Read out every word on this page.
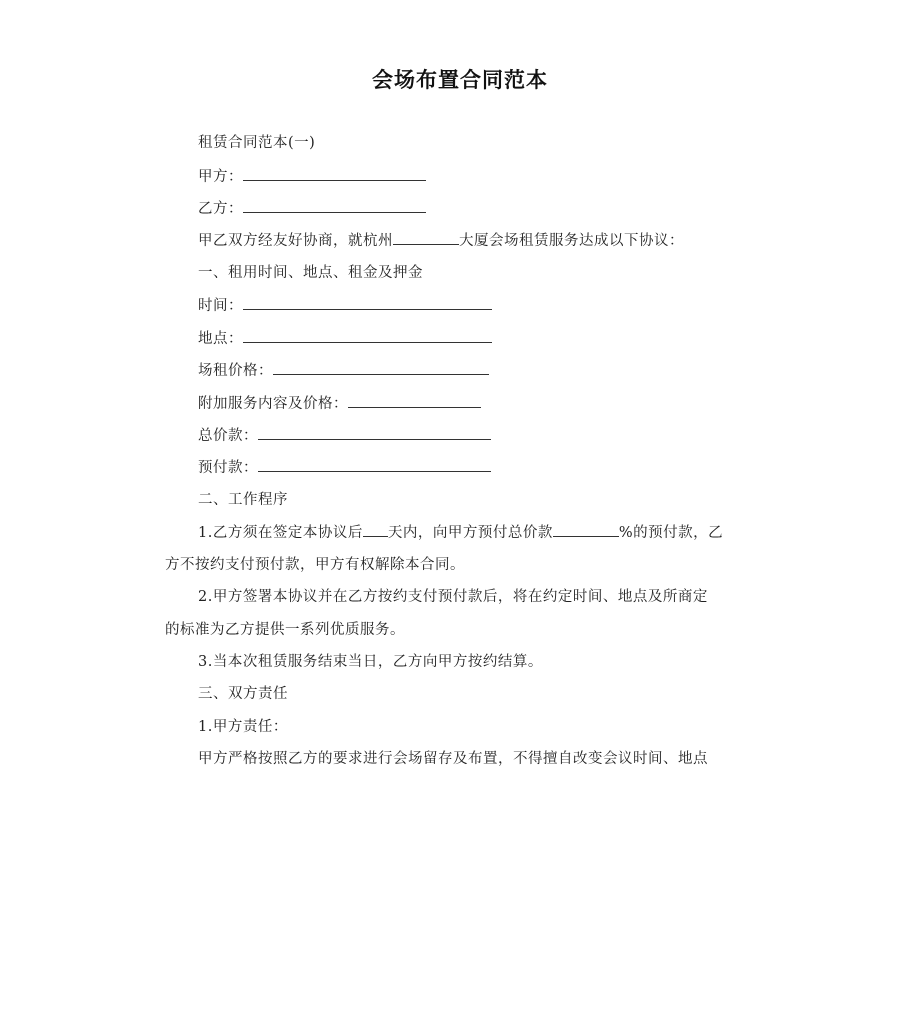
会场布置合同范本
租赁合同范本(一)
甲方：
乙方：
甲乙双方经友好协商，就杭州	大厦会场租赁服务达成以下协议：
一、租用时间、地点、租金及押金
时间：
地点：
场租价格：
附加服务内容及价格：
总价款：
预付款：
二、工作程序
1.乙方须在签定本协议后 天内，向甲方预付总价款	%的预付款，乙
方不按约支付预付款，甲方有权解除本合同。
2.甲方签署本协议并在乙方按约支付预付款后，将在约定时间、地点及所商定
的标准为乙方提供一系列优质服务。
3.当本次租赁服务结束当日，乙方向甲方按约结算。
三、双方责任
1.甲方责任：
甲方严格按照乙方的要求进行会场留存及布置，不得擅自改变会议时间、地点
